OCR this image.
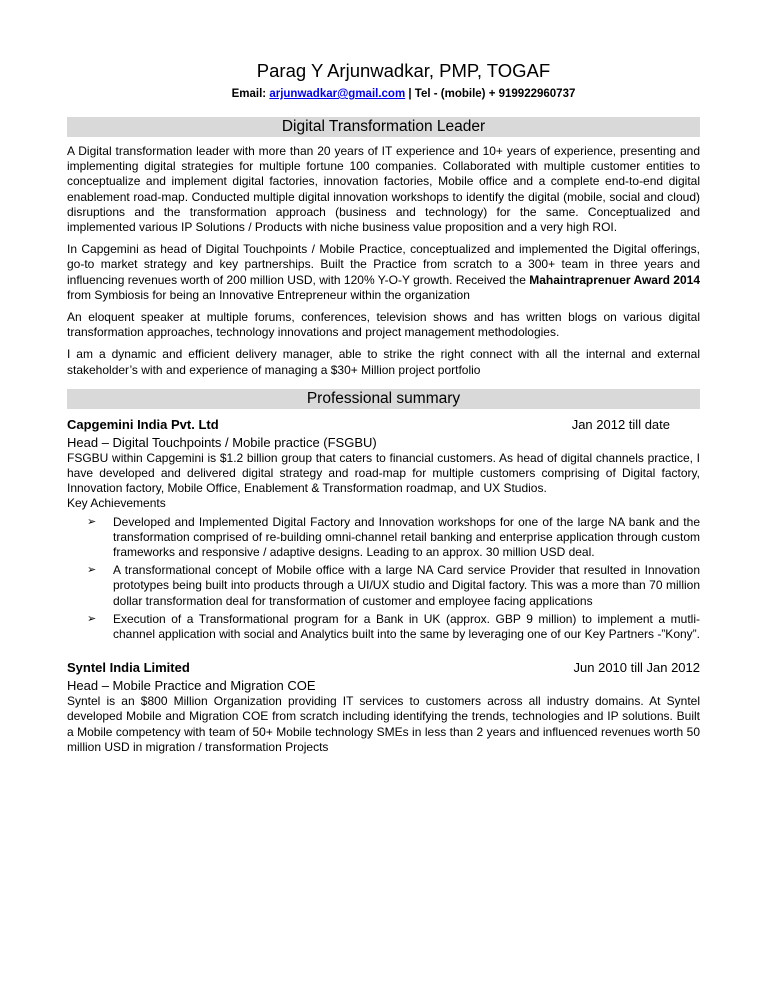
Parag Y Arjunwadkar, PMP, TOGAF
Email: arjunwadkar@gmail.com | Tel - (mobile) + 919922960737
Digital Transformation Leader

A Digital transformation leader with more than 20 years of IT experience and 10+ years of experience, presenting and implementing digital strategies for multiple fortune 100 companies. Collaborated with multiple customer entities to conceptualize and implement digital factories, innovation factories, Mobile office and a complete end-to-end digital enablement road-map. Conducted multiple digital innovation workshops to identify the digital (mobile, social and cloud) disruptions and the transformation approach (business and technology) for the same. Conceptualized and implemented various IP Solutions / Products with niche business value proposition and a very high ROI.

In Capgemini as head of Digital Touchpoints / Mobile Practice, conceptualized and implemented the Digital offerings, go-to market strategy and key partnerships. Built the Practice from scratch to a 300+ team in three years and influencing revenues worth of 200 million USD, with 120% Y-O-Y growth. Received the Mahaintraprenuer Award 2014 from Symbiosis for being an Innovative Entrepreneur within the organization

An eloquent speaker at multiple forums, conferences, television shows and has written blogs on various digital transformation approaches, technology innovations and project management methodologies.

I am a dynamic and efficient delivery manager, able to strike the right connect with all the internal and external stakeholder’s with and experience of managing a $30+ Million project portfolio

Professional summary
Capgemini India Pvt. Ltd	Jan 2012 till date
Head – Digital Touchpoints / Mobile practice (FSGBU)

FSGBU within Capgemini is $1.2 billion group that caters to financial customers. As head of digital channels practice, I have developed and delivered digital strategy and road-map for multiple customers comprising of Digital factory, Innovation factory, Mobile Office, Enablement & Transformation roadmap, and UX Studios.

Key Achievements
➢ Developed and Implemented Digital Factory and Innovation workshops for one of the large NA bank and the transformation comprised of re-building omni-channel retail banking and enterprise application through custom frameworks and responsive / adaptive designs. Leading to an approx. 30 million USD deal.
➢ A transformational concept of Mobile office with a large NA Card service Provider that resulted in Innovation prototypes being built into products through a UI/UX studio and Digital factory. This was a more than 70 million dollar transformation deal for transformation of customer and employee facing applications
➢ Execution of a Transformational program for a Bank in UK (approx. GBP 9 million) to implement a mutli-channel application with social and Analytics built into the same by leveraging one of our Key Partners -”Kony”.
Syntel India Limited	Jun 2010 till Jan 2012
Head – Mobile Practice and Migration COE

Syntel is an $800 Million Organization providing IT services to customers across all industry domains. At Syntel developed Mobile and Migration COE from scratch including identifying the trends, technologies and IP solutions. Built a Mobile competency with team of 50+ Mobile technology SMEs in less than 2 years and influenced revenues worth 50 million USD in migration / transformation Projects
